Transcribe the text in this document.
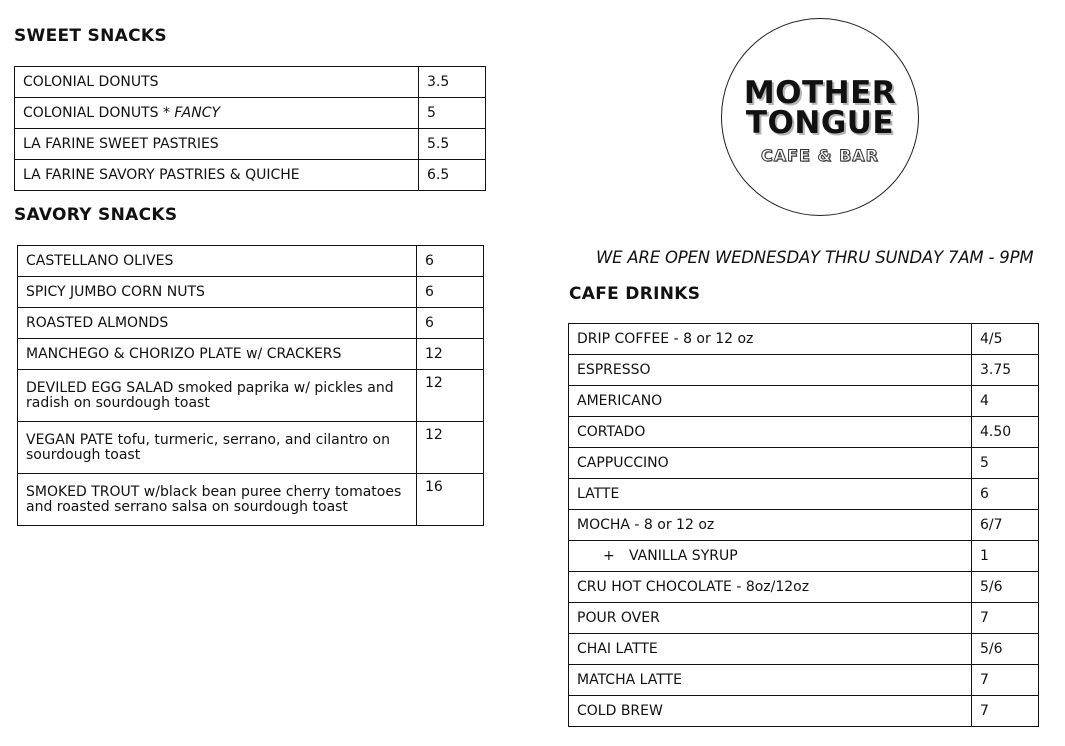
SWEET SNACKS
COLONIAL DONUTS	3.5
COLONIAL DONUTS * FANCY	5
LA FARINE SWEET PASTRIES	5.5
LA FARINE SAVORY PASTRIES & QUICHE	6.5
SAVORY SNACKS
CASTELLANO OLIVES	6
SPICY JUMBO CORN NUTS	6
ROASTED ALMONDS	6
MANCHEGO & CHORIZO PLATE w/ CRACKERS	12
DEVILED EGG SALAD smoked paprika w/ pickles and radish on sourdough toast	12
VEGAN PATE tofu, turmeric, serrano, and cilantro on sourdough toast	12
SMOKED TROUT w/black bean puree cherry tomatoes and roasted serrano salsa on sourdough toast	16

MOTHER

TONGUE

CAFE & BAR

WE ARE OPEN WEDNESDAY THRU SUNDAY 7AM - 9PM

CAFE DRINKS
DRIP COFFEE - 8 or 12 oz	4/5
ESPRESSO	3.75
AMERICANO	4
CORTADO	4.50
CAPPUCCINO	5
LATTE	6
MOCHA - 8 or 12 oz	6/7
+ VANILLA SYRUP	1
CRU HOT CHOCOLATE - 8oz/12oz	5/6
POUR OVER	7
CHAI LATTE	5/6
MATCHA LATTE	7
COLD BREW	7
